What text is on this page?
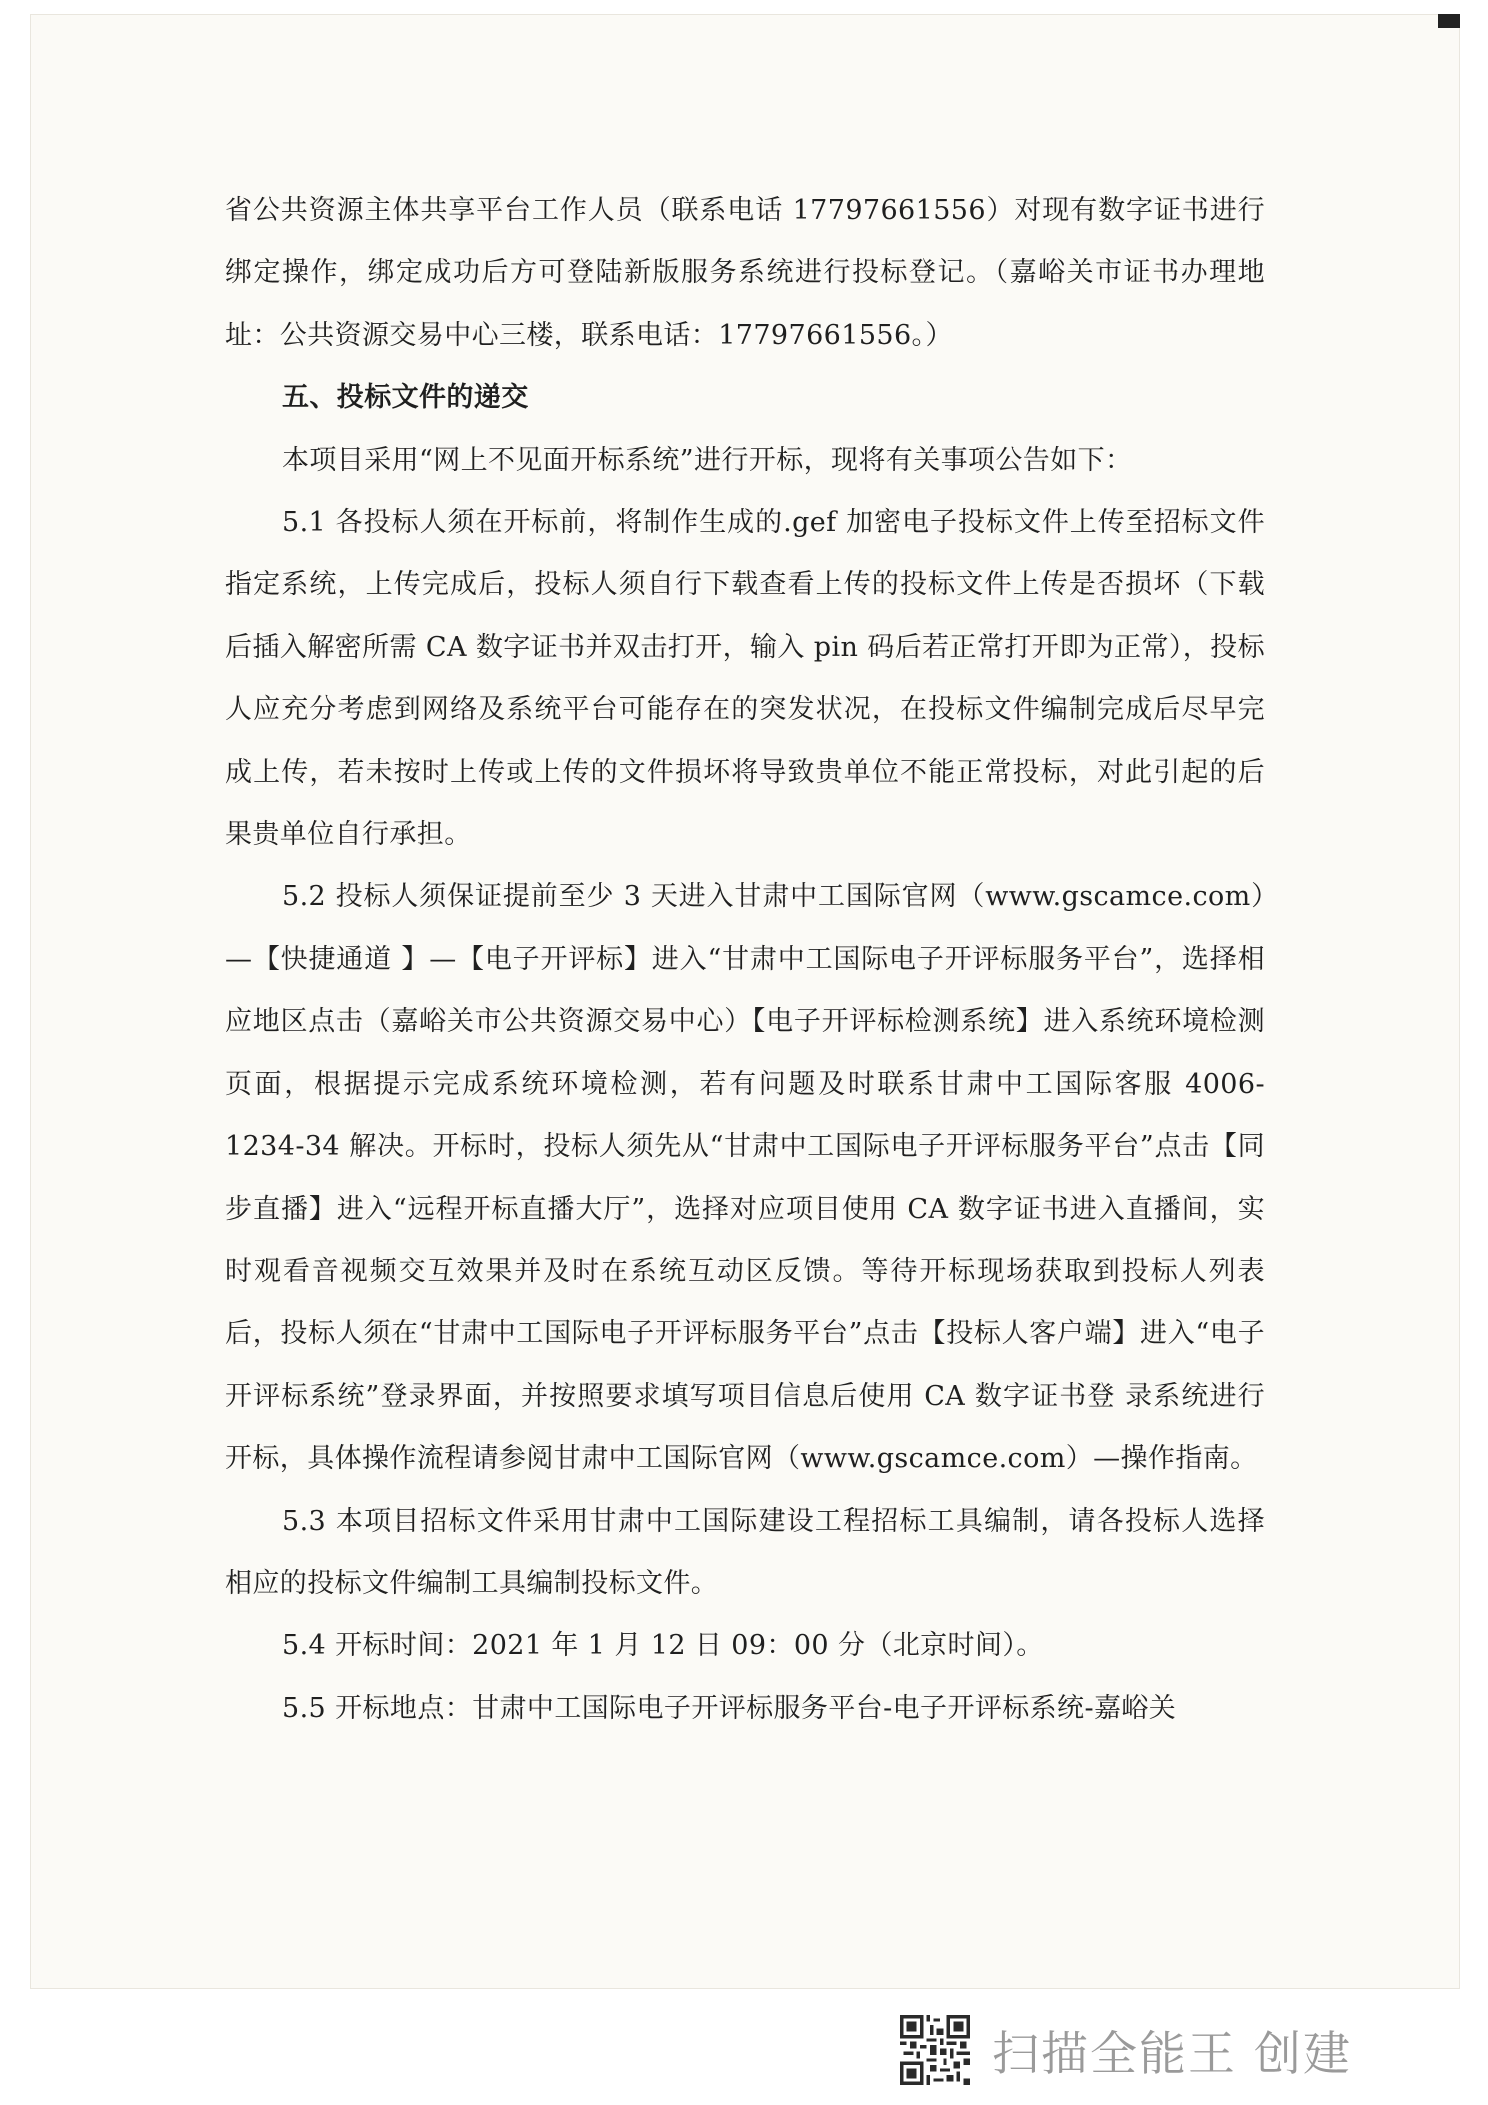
省公共资源主体共享平台工作人员（联系电话 17797661556）对现有数字证书进行绑定操作，绑定成功后方可登陆新版服务系统进行投标登记。（嘉峪关市证书办理地址：公共资源交易中心三楼，联系电话：17797661556。）

五、投标文件的递交

本项目采用“网上不见面开标系统”进行开标，现将有关事项公告如下：

5.1 各投标人须在开标前，将制作生成的.gef 加密电子投标文件上传至招标文件指定系统，上传完成后，投标人须自行下载查看上传的投标文件上传是否损坏（下载后插入解密所需 CA 数字证书并双击打开，输入 pin 码后若正常打开即为正常），投标人应充分考虑到网络及系统平台可能存在的突发状况，在投标文件编制完成后尽早完成上传，若未按时上传或上传的文件损坏将导致贵单位不能正常投标，对此引起的后果贵单位自行承担。

5.2 投标人须保证提前至少 3 天进入甘肃中工国际官网（www.gscamce.com）—【快捷通道 】—【电子开评标】进入“甘肃中工国际电子开评标服务平台”，选择相应地区点击（嘉峪关市公共资源交易中心）【电子开评标检测系统】进入系统环境检测页面，根据提示完成系统环境检测，若有问题及时联系甘肃中工国际客服 4006-1234-34 解决。开标时，投标人须先从“甘肃中工国际电子开评标服务平台”点击【同步直播】进入“远程开标直播大厅”，选择对应项目使用 CA 数字证书进入直播间，实时观看音视频交互效果并及时在系统互动区反馈。等待开标现场获取到投标人列表后，投标人须在“甘肃中工国际电子开评标服务平台”点击【投标人客户端】进入“电子开评标系统”登录界面，并按照要求填写项目信息后使用 CA 数字证书登 录系统进行开标，具体操作流程请参阅甘肃中工国际官网（www.gscamce.com）—操作指南。

5.3 本项目招标文件采用甘肃中工国际建设工程招标工具编制，请各投标人选择相应的投标文件编制工具编制投标文件。

5.4 开标时间：2021 年 1 月 12 日 09：00 分（北京时间）。

5.5 开标地点：甘肃中工国际电子开评标服务平台-电子开评标系统-嘉峪关

扫描全能王 创建
